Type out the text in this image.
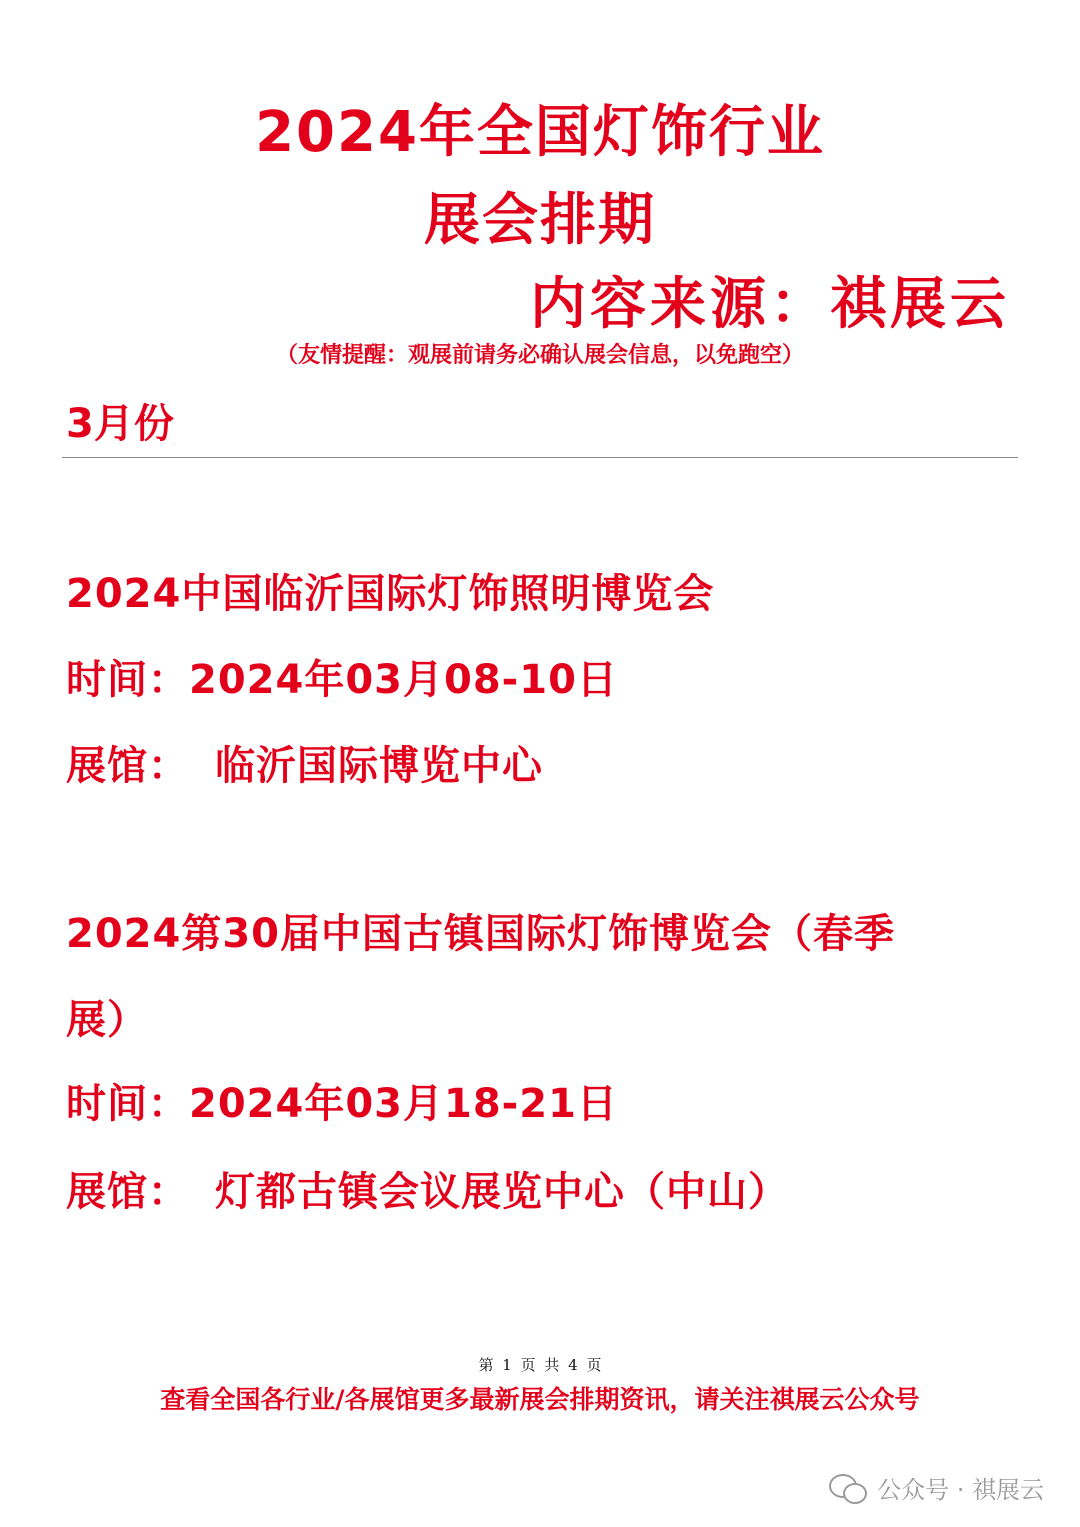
2024年全国灯饰行业
展会排期
内容来源：祺展云
（友情提醒：观展前请务必确认展会信息，以免跑空）
3月份
2024中国临沂国际灯饰照明博览会
时间：2024年03月08-10日
展馆： 临沂国际博览中心
2024第30届中国古镇国际灯饰博览会（春季
展）
时间：2024年03月18-21日
展馆： 灯都古镇会议展览中心（中山）
第 1 页 共 4 页
查看全国各行业/各展馆更多最新展会排期资讯，请关注祺展云公众号
公众号 · 祺展云
